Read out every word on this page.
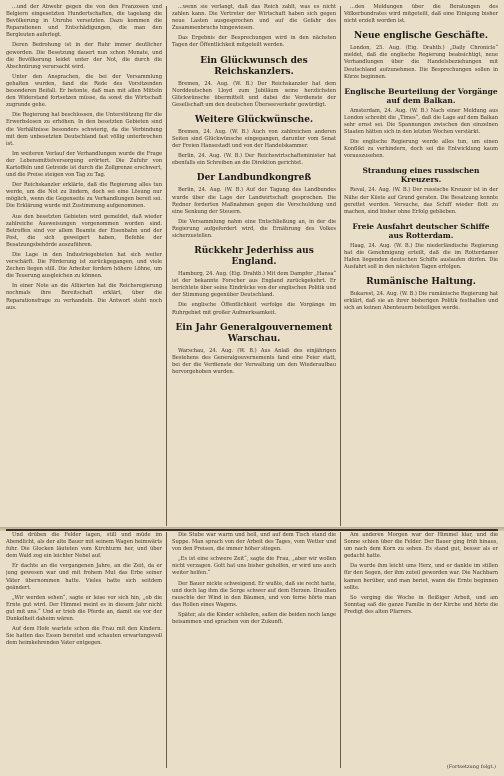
...und der Abwehr gegen die von den Franzosen und Belgiern eingesetzten Hundertschaften, die tagelang die Bevölkerung in Unruhe versetzten. Dazu kommen die Reparationen und Entschädigungen, die man den Bergleuten auferlegt.

Deren Bedrohung ist in der Ruhr immer deutlicher geworden. Die Besetzung dauert nun schon Monate, und die Bevölkerung leidet unter der Not, die durch die Abschnürung verursacht wird.

Unter den Ansprachen, die bei der Versammlung gehalten wurden, fand die Rede des Vorsitzenden besonderen Beifall. Er betonte, daß man mit allen Mitteln den Widerstand fortsetzen müsse, da sonst die Wirtschaft zugrunde gehe.

Die Regierung hat beschlossen, die Unterstützung für die Erwerbslosen zu erhöhen. In den besetzten Gebieten sind die Verhältnisse besonders schwierig, da die Verbindung mit dem unbesetzten Deutschland fast völlig unterbrochen ist.

Im weiteren Verlauf der Verhandlungen wurde die Frage der Lebensmittelversorgung erörtert. Die Zufuhr von Kartoffeln und Getreide ist durch die Zollgrenze erschwert, und die Preise steigen von Tag zu Tag.

Der Reichskanzler erklärte, daß die Regierung alles tun werde, um die Not zu lindern, doch sei eine Lösung nur möglich, wenn die Gegenseite zu Verhandlungen bereit sei. Die Erklärung wurde mit Zustimmung aufgenommen.

Aus den besetzten Gebieten wird gemeldet, daß wieder zahlreiche Ausweisungen vorgenommen worden sind. Betroffen sind vor allem Beamte der Eisenbahn und der Post, die sich geweigert haben, Befehle der Besatzungsbehörde auszuführen.

Die Lage in den Industriegebieten hat sich weiter verschärft. Die Förderung ist zurückgegangen, und viele Zechen liegen still. Die Arbeiter fordern höhere Löhne, um die Teuerung ausgleichen zu können.

In einer Note an die Alliierten hat die Reichsregierung nochmals ihre Bereitschaft erklärt, über die Reparationsfrage zu verhandeln. Die Antwort steht noch aus.

...wenn sie verlangt, daß das Reich zahlt, was es nicht zahlen kann. Die Vertreter der Wirtschaft haben sich gegen neue Lasten ausgesprochen und auf die Gefahr des Zusammenbruchs hingewiesen.

Das Ergebnis der Besprechungen wird in den nächsten Tagen der Öffentlichkeit mitgeteilt werden.

Ein Glückwunsch des Reichskanzlers.

Bremen, 24. Aug. (W. B.) Der Reichskanzler hat dem Norddeutschen Lloyd zum Jubiläum seine herzlichsten Glückwünsche übermittelt und dabei die Verdienste der Gesellschaft um den deutschen Überseeverkehr gewürdigt.

Weitere Glückwünsche.

Bremen, 24. Aug. (W. B.) Auch von zahlreichen anderen Seiten sind Glückwünsche eingegangen, darunter vom Senat der Freien Hansestadt und von der Handelskammer.

Berlin, 24. Aug. (W. B.) Der Reichswirtschaftsminister hat ebenfalls ein Schreiben an die Direktion gerichtet.

Der Landbundkongreß

Berlin, 24. Aug. (W. B.) Auf der Tagung des Landbundes wurde über die Lage der Landwirtschaft gesprochen. Die Redner forderten Maßnahmen gegen die Verschuldung und eine Senkung der Steuern.

Die Versammlung nahm eine Entschließung an, in der die Regierung aufgefordert wird, die Ernährung des Volkes sicherzustellen.

Rückkehr Jederhiss aus England.

Hamburg, 24. Aug. (Eig. Drahtb.) Mit dem Dampfer „Hansa“ ist der bekannte Forscher aus England zurückgekehrt. Er berichtete über seine Eindrücke von der englischen Politik und der Stimmung gegenüber Deutschland.

Die englische Öffentlichkeit verfolge die Vorgänge im Ruhrgebiet mit großer Aufmerksamkeit.

Ein Jahr Generalgouvernement Warschau.

Warschau, 24. Aug. (W. B.) Aus Anlaß des einjährigen Bestehens des Generalgouvernements fand eine Feier statt, bei der die Verdienste der Verwaltung um den Wiederaufbau hervorgehoben wurden.

...den Meldungen über die Beratungen des Völkerbundrates wird mitgeteilt, daß eine Einigung bisher nicht erzielt worden ist.

Neue englische Geschäfte.

London, 25. Aug. (Eig. Drahtb.) „Daily Chronicle“ meldet, daß die englische Regierung beabsichtigt, neue Verhandlungen über die Handelsbeziehungen mit Deutschland aufzunehmen. Die Besprechungen sollen in Kürze beginnen.

Englische Beurteilung der Vorgänge auf dem Balkan.

Amsterdam, 24. Aug. (W. B.) Nach einer Meldung aus London schreibt die „Times“, daß die Lage auf dem Balkan sehr ernst sei. Die Spannungen zwischen den einzelnen Staaten hätten sich in den letzten Wochen verstärkt.

Die englische Regierung werde alles tun, um einen Konflikt zu verhindern, doch sei die Entwicklung kaum vorauszusehen.

Strandung eines russischen Kreuzers.

Reval, 24. Aug. (W. B.) Der russische Kreuzer ist in der Nähe der Küste auf Grund geraten. Die Besatzung konnte gerettet werden. Versuche, das Schiff wieder flott zu machen, sind bisher ohne Erfolg geblieben.

Freie Ausfahrt deutscher Schiffe aus Rotterdam.

Haag, 24. Aug. (W. B.) Die niederländische Regierung hat die Genehmigung erteilt, daß die im Rotterdamer Hafen liegenden deutschen Schiffe auslaufen dürfen. Die Ausfahrt soll in den nächsten Tagen erfolgen.

Rumänische Haltung.

Bukarest, 24. Aug. (W. B.) Die rumänische Regierung hat erklärt, daß sie an ihrer bisherigen Politik festhalten und sich an keinen Abenteuern beteiligen werde.

Und drüben die Felder lagen, still und müde im Abendlicht, als der alte Bauer mit seinem Wagen heimwärts fuhr. Die Glocken läuteten vom Kirchturm her, und über dem Wald zog ein leichter Nebel auf.

Er dachte an die vergangenen Jahre, an die Zeit, da er jung gewesen war und mit frohem Mut das Erbe seiner Väter übernommen hatte. Vieles hatte sich seitdem geändert.

„Wir werden sehen“, sagte er leise vor sich hin, „ob die Ernte gut wird. Der Himmel meint es in diesem Jahr nicht gut mit uns.“ Und er trieb die Pferde an, damit sie vor der Dunkelheit daheim wären.

Auf dem Hofe wartete schon die Frau mit den Kindern. Sie hatten das Essen bereitet und schauten erwartungsvoll dem heimkehrenden Vater entgegen.

Die Stube war warm und hell, und auf dem Tisch stand die Suppe. Man sprach von der Arbeit des Tages, vom Wetter und von den Preisen, die immer höher stiegen.

„Es ist eine schwere Zeit“, sagte die Frau, „aber wir wollen nicht verzagen. Gott hat uns bisher geholfen, er wird uns auch weiter helfen.“

Der Bauer nickte schweigend. Er wußte, daß sie recht hatte, und doch lag ihm die Sorge schwer auf dem Herzen. Draußen rauschte der Wind in den Bäumen, und von ferne hörte man das Rollen eines Wagens.

Später, als die Kinder schliefen, saßen die beiden noch lange beisammen und sprachen von der Zukunft.

Am anderen Morgen war der Himmel klar, und die Sonne schien über die Felder. Der Bauer ging früh hinaus, um nach dem Korn zu sehen. Es stand gut, besser als er gedacht hatte.

Da wurde ihm leicht ums Herz, und er dankte im stillen für den Segen, der ihm zuteil geworden war. Die Nachbarn kamen herüber, und man beriet, wann die Ernte beginnen sollte.

So verging die Woche in fleißiger Arbeit, und am Sonntag saß die ganze Familie in der Kirche und hörte die Predigt des alten Pfarrers.

(Fortsetzung folgt.)
